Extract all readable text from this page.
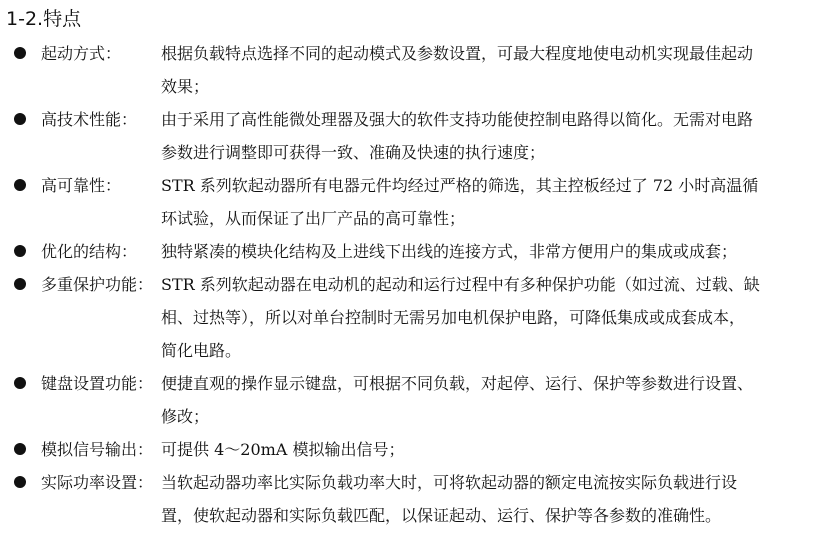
1-2.特点
起动方式： 根据负载特点选择不同的起动模式及参数设置，可最大程度地使电动机实现最佳起动
效果；
高技术性能： 由于采用了高性能微处理器及强大的软件支持功能使控制电路得以简化。无需对电路
参数进行调整即可获得一致、准确及快速的执行速度；
高可靠性： STR 系列软起动器所有电器元件均经过严格的筛选，其主控板经过了 72 小时高温循
环试验，从而保证了出厂产品的高可靠性；
优化的结构： 独特紧凑的模块化结构及上进线下出线的连接方式，非常方便用户的集成或成套；
多重保护功能： STR 系列软起动器在电动机的起动和运行过程中有多种保护功能（如过流、过载、缺
相、过热等），所以对单台控制时无需另加电机保护电路，可降低集成或成套成本，
简化电路。
键盘设置功能： 便捷直观的操作显示键盘，可根据不同负载，对起停、运行、保护等参数进行设置、
修改；
模拟信号输出： 可提供 4～20mA 模拟输出信号；
实际功率设置： 当软起动器功率比实际负载功率大时，可将软起动器的额定电流按实际负载进行设
置，使软起动器和实际负载匹配，以保证起动、运行、保护等各参数的准确性。
